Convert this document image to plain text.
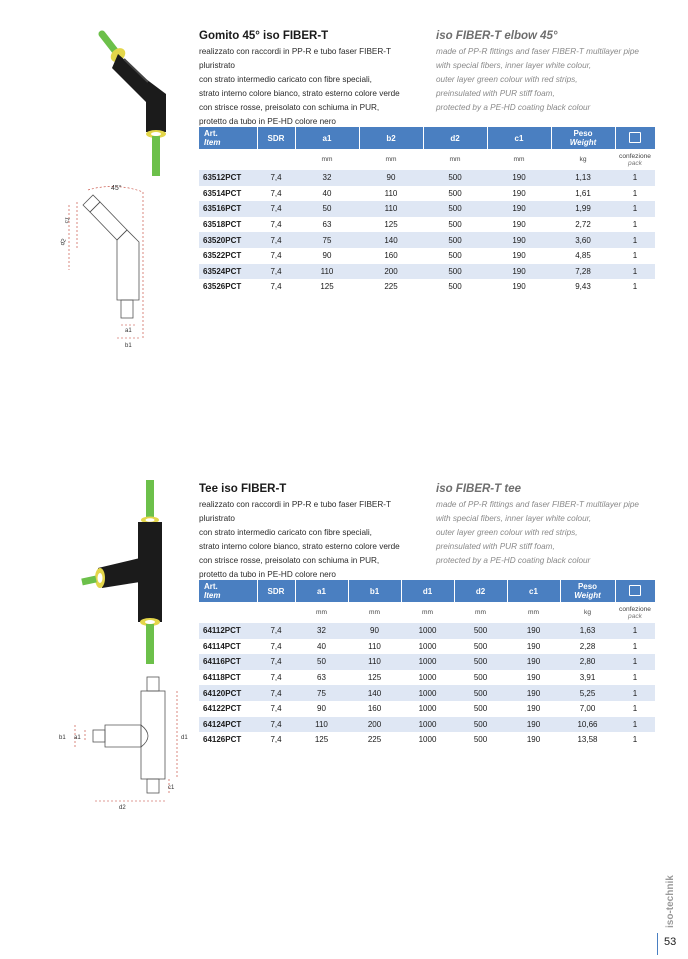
45°
c1
d2
a1
b1
Gomito 45° iso FIBER-T
realizzato con raccordi in PP-R e tubo faser FIBER-T pluristrato
con strato intermedio caricato con fibre speciali,
strato interno colore bianco, strato esterno colore verde
con strisce rosse, preisolato con schiuma in PUR,
protetto da tubo in PE-HD colore nero
iso FIBER-T elbow 45°
made of PP-R fittings and faser FIBER-T multilayer pipe
with special fibers, inner layer white colour,
outer layer green colour with red strips,
preinsulated with PUR stiff foam,
protected by a PE-HD coating black colour
Art.
Item	SDR	a1	b2	d2	c1	Peso
Weight	

		mm	mm	mm	mm	kg	confezione
pack

63512PCT	7,4	32	90	500	190	1,13	1
63514PCT	7,4	40	110	500	190	1,61	1
63516PCT	7,4	50	110	500	190	1,99	1
63518PCT	7,4	63	125	500	190	2,72	1
63520PCT	7,4	75	140	500	190	3,60	1
63522PCT	7,4	90	160	500	190	4,85	1
63524PCT	7,4	110	200	500	190	7,28	1
63526PCT	7,4	125	225	500	190	9,43	1
b1 a1	d1
c1
d2
Tee iso FIBER-T
realizzato con raccordi in PP-R e tubo faser FIBER-T pluristrato
con strato intermedio caricato con fibre speciali,
strato interno colore bianco, strato esterno colore verde
con strisce rosse, preisolato con schiuma in PUR,
protetto da tubo in PE-HD colore nero
iso FIBER-T tee
made of PP-R fittings and faser FIBER-T multilayer pipe
with special fibers, inner layer white colour,
outer layer green colour with red strips,
preinsulated with PUR stiff foam,
protected by a PE-HD coating black colour
Art.
Item	SDR	a1	b1	d1	d2	c1	Peso
Weight	

		mm	mm	mm	mm	mm	kg	confezione
pack

64112PCT	7,4	32	90	1000	500	190	1,63	1
64114PCT	7,4	40	110	1000	500	190	2,28	1
64116PCT	7,4	50	110	1000	500	190	2,80	1
64118PCT	7,4	63	125	1000	500	190	3,91	1
64120PCT	7,4	75	140	1000	500	190	5,25	1
64122PCT	7,4	90	160	1000	500	190	7,00	1
64124PCT	7,4	110	200	1000	500	190	10,66	1
64126PCT	7,4	125	225	1000	500	190	13,58	1
iso-technik
53
